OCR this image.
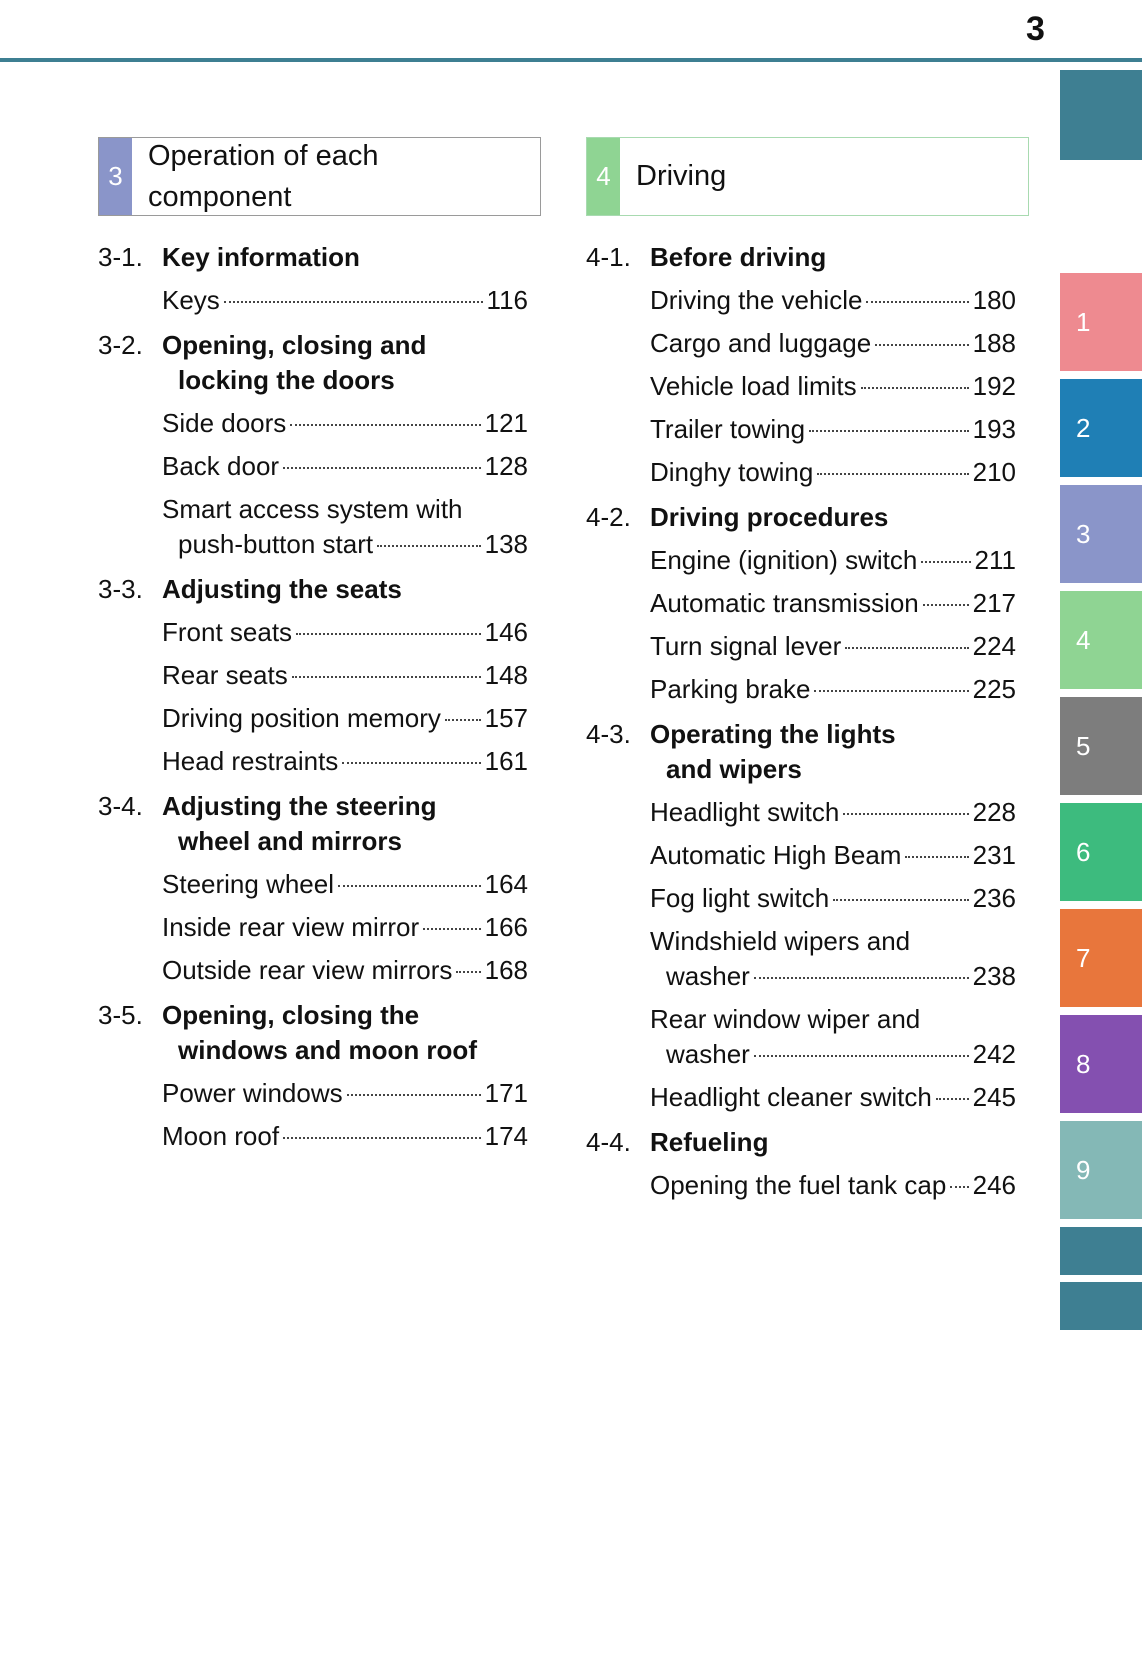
3
3
Operation of each
component
4 Driving
3-1. Key information
Keys	116
3-2. Opening, closing and
locking the doors
Side doors	121
Back door	128
Smart access system with
push-button start	138
3-3. Adjusting the seats
Front seats	146
Rear seats	148
Driving position memory 157
Head restraints	161
3-4. Adjusting the steering
wheel and mirrors
Steering wheel	164
Inside rear view mirror	166
Outside rear view mirrors 168
3-5. Opening, closing the
windows and moon roof
Power windows	171
Moon roof	174
4-1. Before driving
Driving the vehicle	180
Cargo and luggage	188
Vehicle load limits	192
Trailer towing	193
Dinghy towing	210
4-2. Driving procedures
Engine (ignition) switch 211
Automatic transmission 217
Turn signal lever	224
Parking brake	225
4-3. Operating the lights
and wipers
Headlight switch	228
Automatic High Beam	231
Fog light switch	236
Windshield wipers and
washer	238
Rear window wiper and
washer	242
Headlight cleaner switch 245
4-4. Refueling
Opening the fuel tank cap 246
1
2
3
4
5
6
7
8
9
